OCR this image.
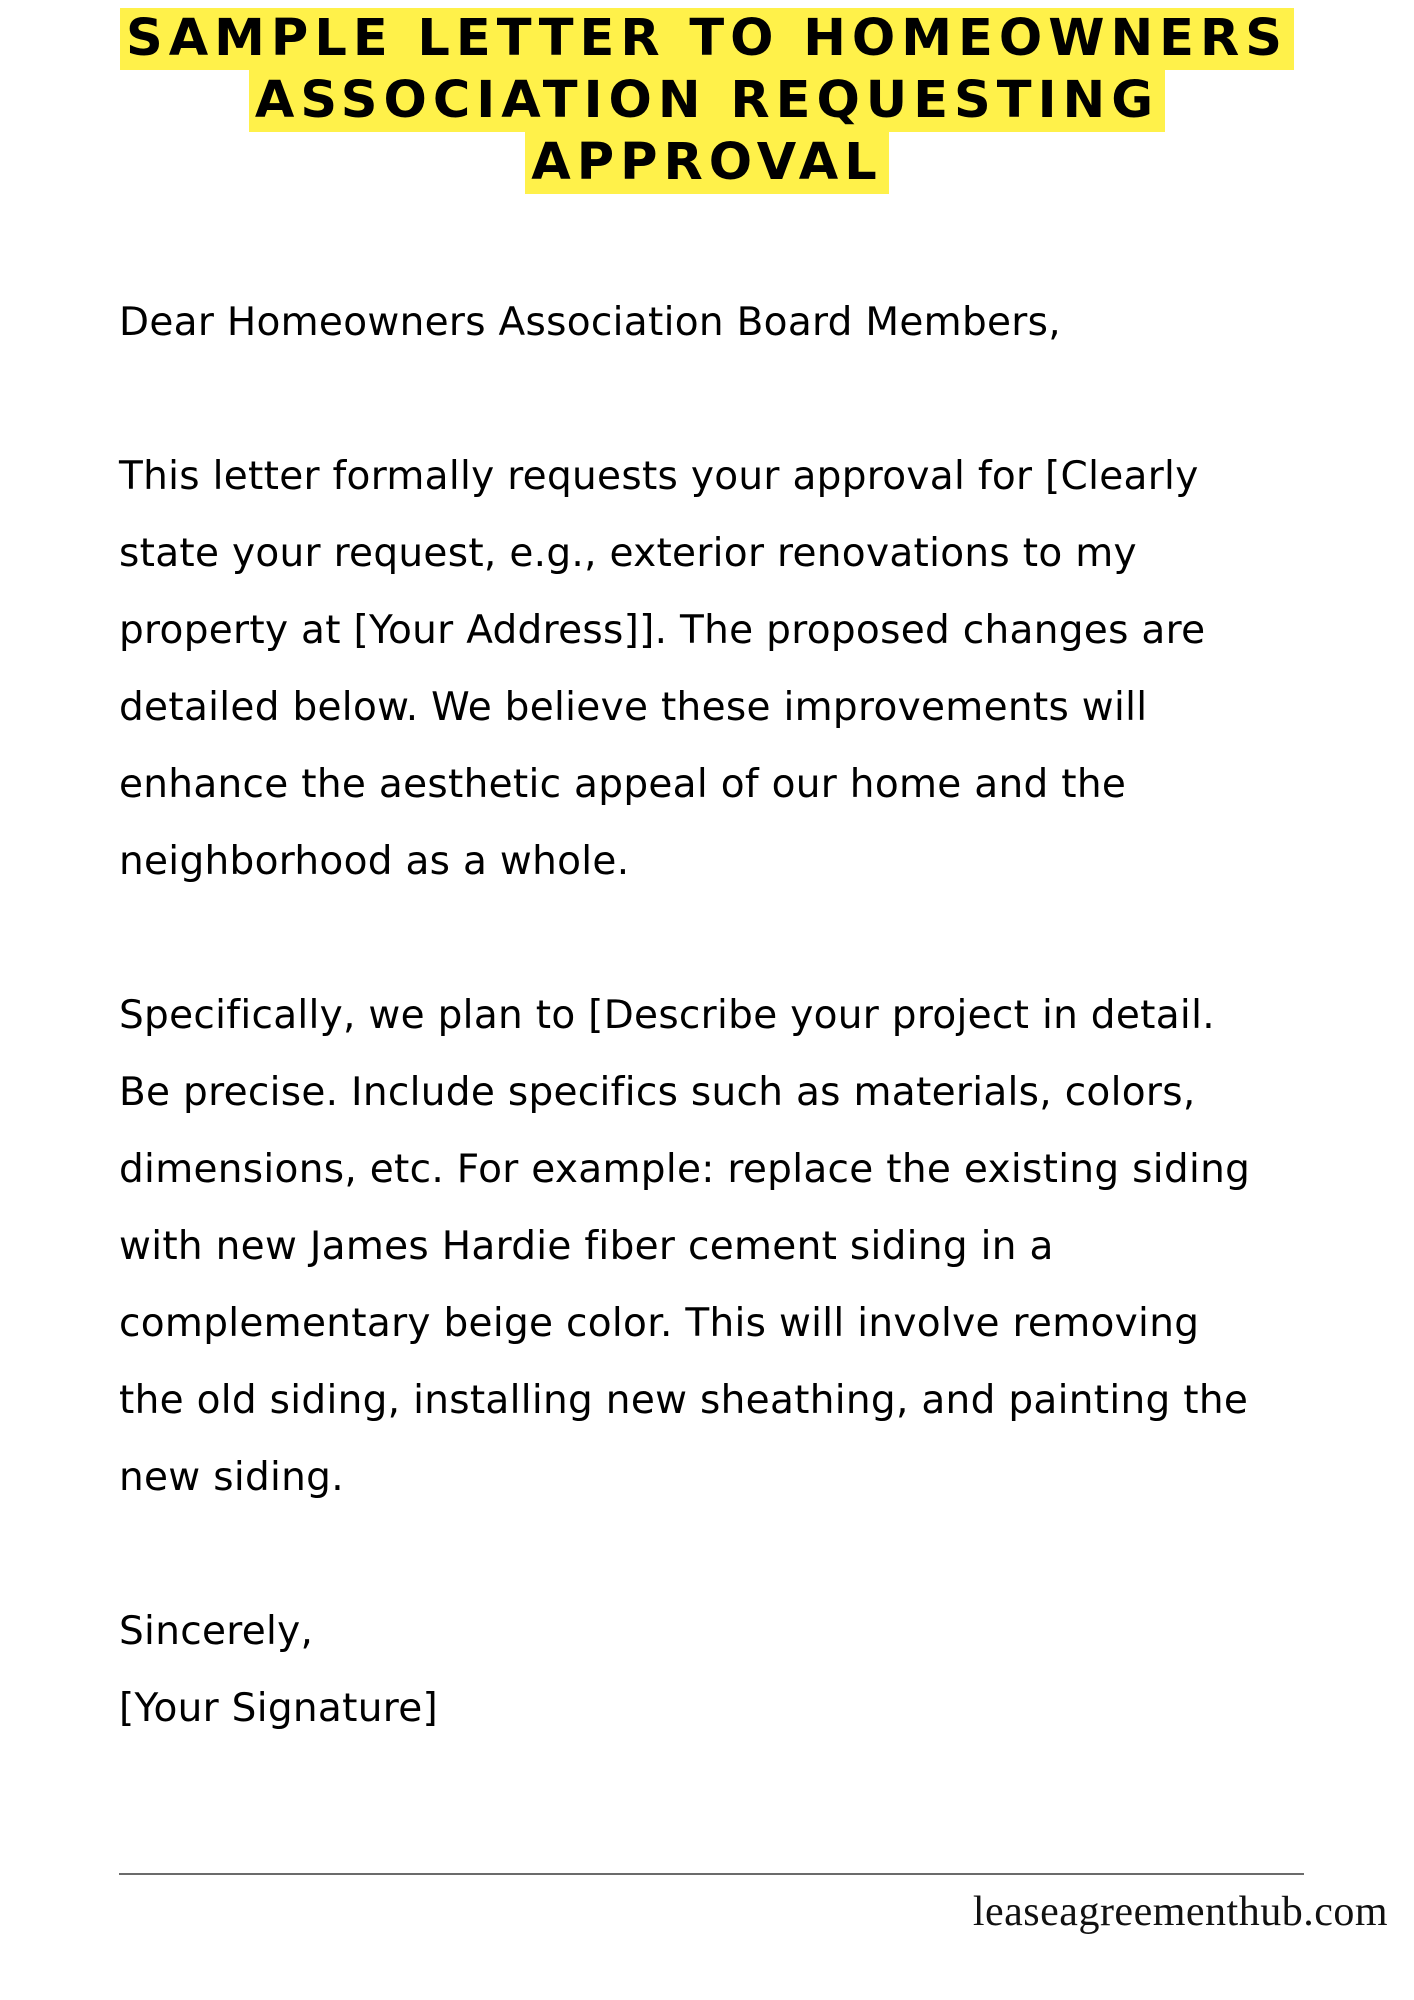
SAMPLE LETTER TO HOMEOWNERS
ASSOCIATION REQUESTING
APPROVAL

Dear Homeowners Association Board Members,

This letter formally requests your approval for [Clearly
state your request, e.g., exterior renovations to my
property at [Your Address]]. The proposed changes are
detailed below. We believe these improvements will
enhance the aesthetic appeal of our home and the
neighborhood as a whole.

Specifically, we plan to [Describe your project in detail.
Be precise. Include specifics such as materials, colors,
dimensions, etc. For example: replace the existing siding
with new James Hardie fiber cement siding in a
complementary beige color. This will involve removing
the old siding, installing new sheathing, and painting the
new siding.

Sincerely,

[Your Signature]

leaseagreementhub.com
